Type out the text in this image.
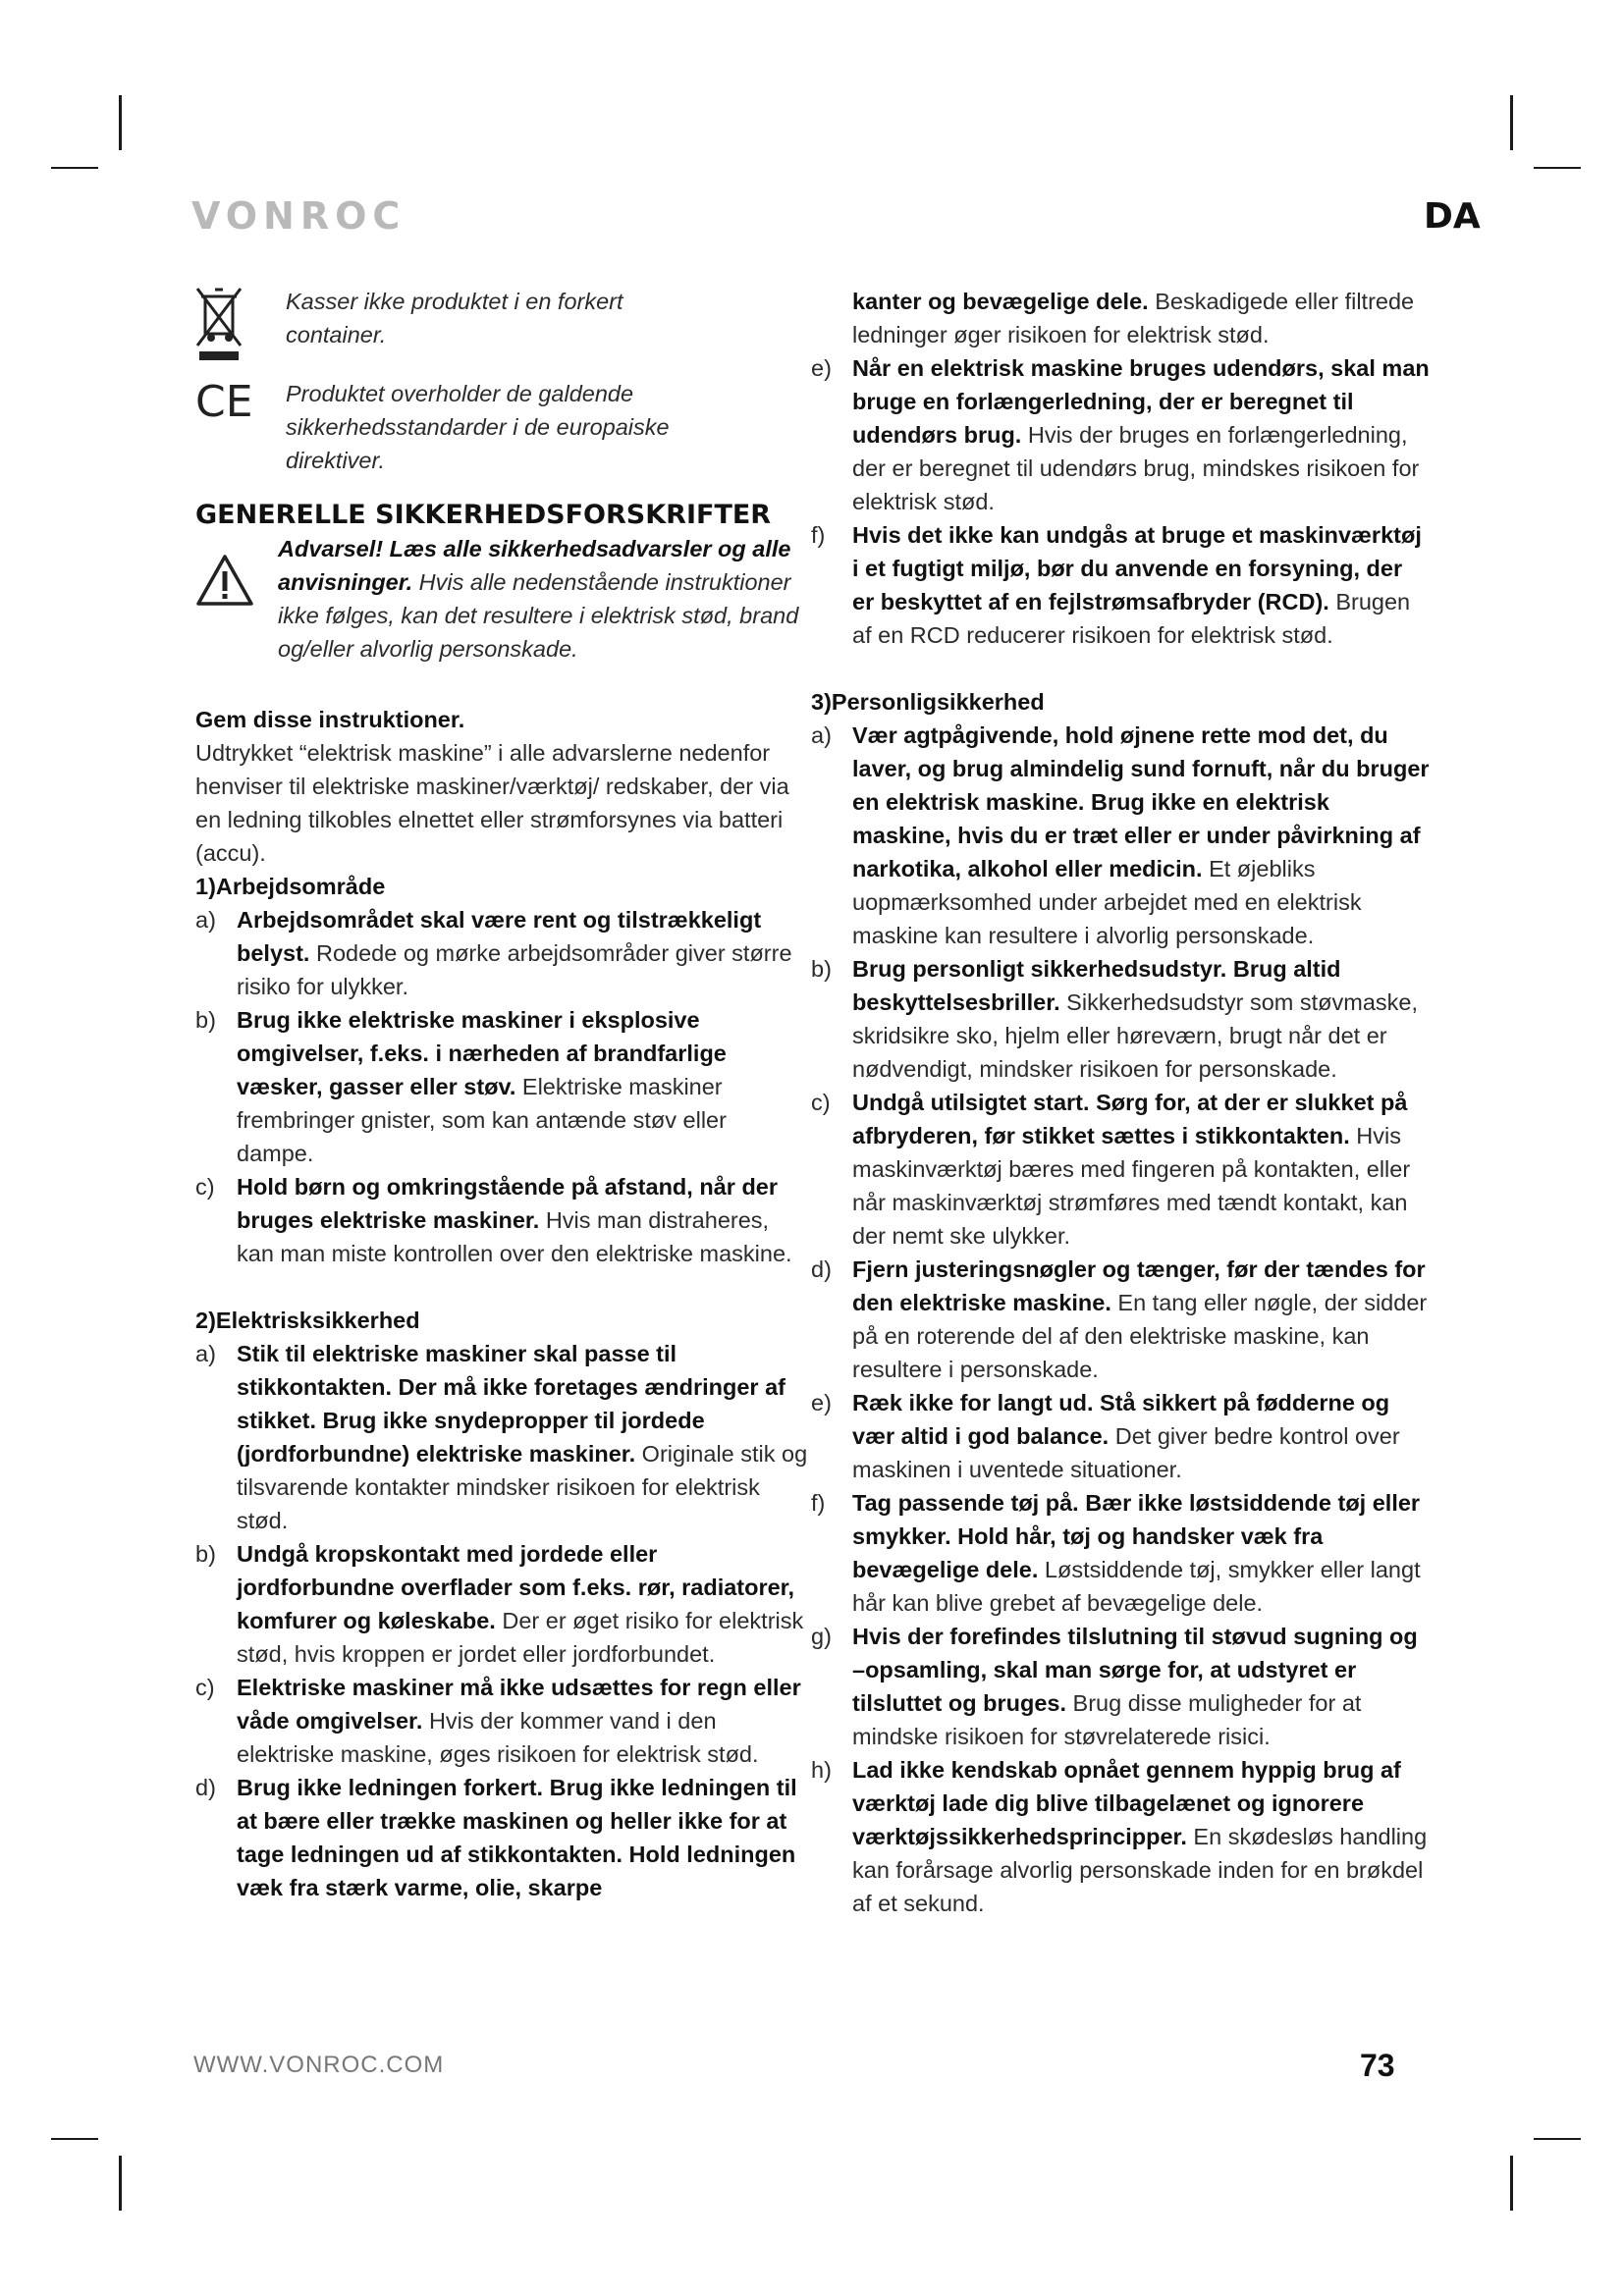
VONROC	DA

Kasser ikke produktet i en forkert container.

C​E Produktet overholder de galdende sikkerhedsstandarder i de europaiske direktiver.

GENERELLE SIKKERHEDSFORSKRIFTER

Advarsel! Læs alle sikkerhedsadvarsler og alle anvisninger. Hvis alle nedenstående instruktioner ikke følges, kan det resultere i elektrisk stød, brand og/eller alvorlig personskade.

Gem disse instruktioner.

Udtrykket “elektrisk maskine” i alle advarslerne nedenfor henviser til elektriske maskiner/værktøj/ redskaber, der via en ledning tilkobles elnettet eller strømforsynes via batteri (accu).

1)Arbejdsområde

a) Arbejdsområdet skal være rent og tilstrækkeligt belyst. Rodede og mørke arbejdsområder giver større risiko for ulykker.

b) Brug ikke elektriske maskiner i eksplosive omgivelser, f.eks. i nærheden af brandfarlige væsker, gasser eller støv. Elektriske maskiner frembringer gnister, som kan antænde støv eller dampe.

c) Hold børn og omkringstående på afstand, når der bruges elektriske maskiner. Hvis man distraheres, kan man miste kontrollen over den elektriske maskine.

2)Elektrisksikkerhed

a) Stik til elektriske maskiner skal passe til stikkontakten. Der må ikke foretages ændringer af stikket. Brug ikke snydepropper til jordede (jordforbundne) elektriske maskiner. Originale stik og tilsvarende kontakter mindsker risikoen for elektrisk stød.

b) Undgå kropskontakt med jordede eller jordforbundne overflader som f.eks. rør, radiatorer, komfurer og køleskabe. Der er øget risiko for elektrisk stød, hvis kroppen er jordet eller jordforbundet.

c) Elektriske maskiner må ikke udsættes for regn eller våde omgivelser. Hvis der kommer vand i den elektriske maskine, øges risikoen for elektrisk stød.

d) Brug ikke ledningen forkert. Brug ikke ledningen til at bære eller trække maskinen og heller ikke for at tage ledningen ud af stikkontakten. Hold ledningen væk fra stærk varme, olie, skarpe

kanter og bevægelige dele. Beskadigede eller filtrede ledninger øger risikoen for elektrisk stød.

e) Når en elektrisk maskine bruges udendørs, skal man bruge en forlængerledning, der er beregnet til udendørs brug. Hvis der bruges en forlængerledning, der er beregnet til udendørs brug, mindskes risikoen for elektrisk stød.

f) Hvis det ikke kan undgås at bruge et maskinværktøj i et fugtigt miljø, bør du anvende en forsyning, der er beskyttet af en fejlstrømsafbryder (RCD). Brugen af en RCD reducerer risikoen for elektrisk stød.

3)Personligsikkerhed

a) Vær agtpågivende, hold øjnene rette mod det, du laver, og brug almindelig sund fornuft, når du bruger en elektrisk maskine. Brug ikke en elektrisk maskine, hvis du er træt eller er under påvirkning af narkotika, alkohol eller medicin. Et øjebliks uopmærksomhed under arbejdet med en elektrisk maskine kan resultere i alvorlig personskade.

b) Brug personligt sikkerhedsudstyr. Brug altid beskyttelsesbriller. Sikkerhedsudstyr som støvmaske, skridsikre sko, hjelm eller høreværn, brugt når det er nødvendigt, mindsker risikoen for personskade.

c) Undgå utilsigtet start. Sørg for, at der er slukket på afbryderen, før stikket sættes i stikkontakten. Hvis maskinværktøj bæres med fingeren på kontakten, eller når maskinværktøj strømføres med tændt kontakt, kan der nemt ske ulykker.

d) Fjern justeringsnøgler og tænger, før der tændes for den elektriske maskine. En tang eller nøgle, der sidder på en roterende del af den elektriske maskine, kan resultere i personskade.

e) Ræk ikke for langt ud. Stå sikkert på fødderne og vær altid i god balance. Det giver bedre kontrol over maskinen i uventede situationer.

f) Tag passende tøj på. Bær ikke løstsiddende tøj eller smykker. Hold hår, tøj og handsker væk fra bevægelige dele. Løstsiddende tøj, smykker eller langt hår kan blive grebet af bevægelige dele.

g) Hvis der forefindes tilslutning til støvud sugning og –opsamling, skal man sørge for, at udstyret er tilsluttet og bruges. Brug disse muligheder for at mindske risikoen for støvrelaterede risici.

h) Lad ikke kendskab opnået gennem hyppig brug af værktøj lade dig blive tilbagelænet og ignorere værktøjssikkerhedsprincipper. En skødesløs handling kan forårsage alvorlig personskade inden for en brøkdel af et sekund.

WWW.VONROC.COM	73
